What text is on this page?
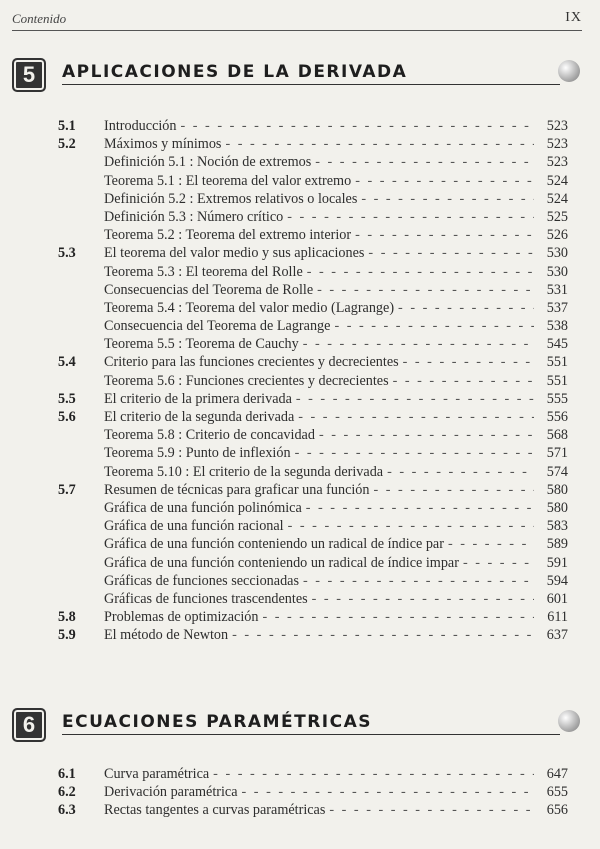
Contenido	IX
5	APLICACIONES DE LA DERIVADA
5.1	Introducción - - -	523
5.2	Máximos y mínimos - - -	523
Definición 5.1 : Noción de extremos - - -	523
Teorema 5.1 : El teorema del valor extremo - - -	524
Definición 5.2 : Extremos relativos o locales - - -	524
Definición 5.3 : Número crítico - - -	525
Teorema 5.2 : Teorema del extremo interior - - -	526
5.3	El teorema del valor medio y sus aplicaciones - - -	530
Teorema 5.3 : El teorema del Rolle - - -	530
Consecuencias del Teorema de Rolle - - -	531
Teorema 5.4 : Teorema del valor medio (Lagrange) - - -	537
Consecuencia del Teorema de Lagrange - - -	538
Teorema 5.5 : Teorema de Cauchy - - -	545
5.4	Criterio para las funciones crecientes y decrecientes - - -	551
Teorema 5.6 : Funciones crecientes y decrecientes - - -	551
5.5	El criterio de la primera derivada - - -	555
5.6	El criterio de la segunda derivada - - -	556
Teorema 5.8 : Criterio de concavidad - - -	568
Teorema 5.9 : Punto de inflexión - - -	571
Teorema 5.10 : El criterio de la segunda derivada - - -	574
5.7	Resumen de técnicas para graficar una función - - -	580
Gráfica de una función polinómica - - -	580
Gráfica de una función racional - - -	583
Gráfica de una función conteniendo un radical de índice par - - -	589
Gráfica de una función conteniendo un radical de índice impar - - -	591
Gráficas de funciones seccionadas - - -	594
Gráficas de funciones trascendentes - - -	601
5.8	Problemas de optimización - - -	611
5.9	El método de Newton - - -	637
6	ECUACIONES PARAMÉTRICAS
6.1	Curva paramétrica - - -	647
6.2	Derivación paramétrica - - -	655
6.3	Rectas tangentes a curvas paramétricas - - -	656
